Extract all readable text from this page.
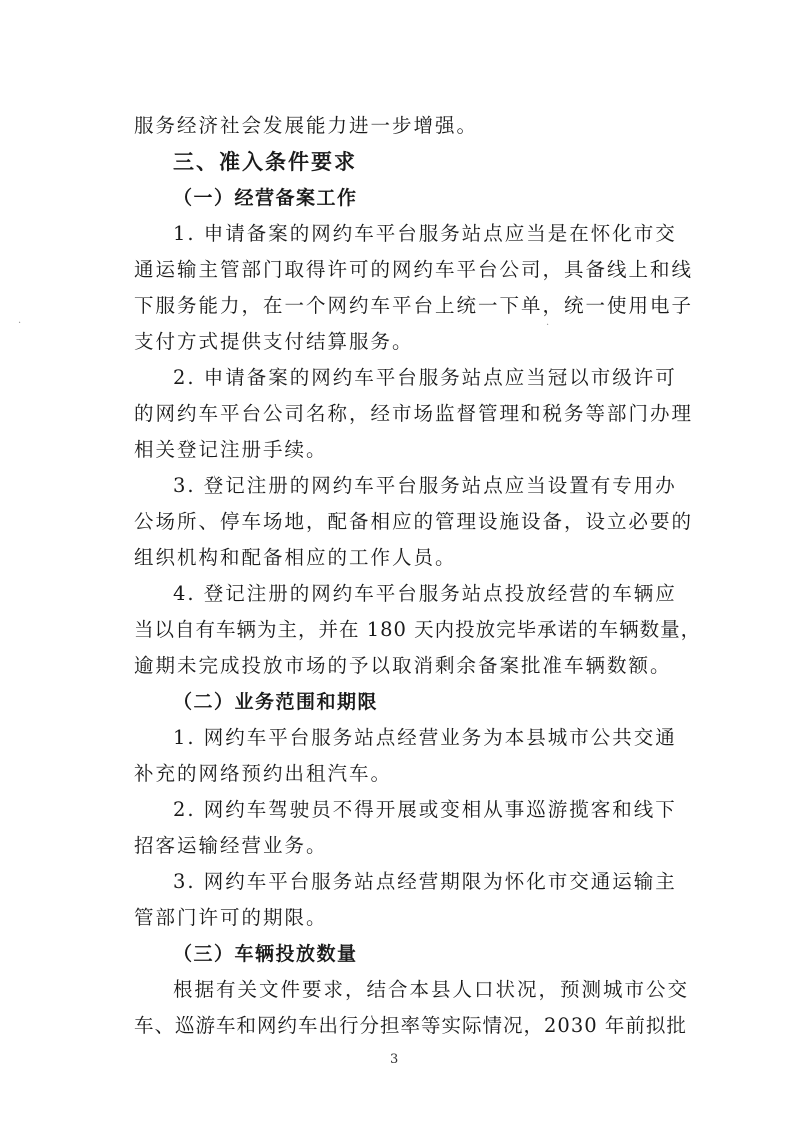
服务经济社会发展能力进一步增强。
三、准入条件要求
（一）经营备案工作
1. 申请备案的网约车平台服务站点应当是在怀化市交
通运输主管部门取得许可的网约车平台公司，具备线上和线
下服务能力，在一个网约车平台上统一下单，统一使用电子
支付方式提供支付结算服务。
2. 申请备案的网约车平台服务站点应当冠以市级许可
的网约车平台公司名称，经市场监督管理和税务等部门办理
相关登记注册手续。
3. 登记注册的网约车平台服务站点应当设置有专用办
公场所、停车场地，配备相应的管理设施设备，设立必要的
组织机构和配备相应的工作人员。
4. 登记注册的网约车平台服务站点投放经营的车辆应
当以自有车辆为主，并在 180 天内投放完毕承诺的车辆数量，
逾期未完成投放市场的予以取消剩余备案批准车辆数额。
（二）业务范围和期限
1. 网约车平台服务站点经营业务为本县城市公共交通
补充的网络预约出租汽车。
2. 网约车驾驶员不得开展或变相从事巡游揽客和线下
招客运输经营业务。
3. 网约车平台服务站点经营期限为怀化市交通运输主
管部门许可的期限。
（三）车辆投放数量
根据有关文件要求，结合本县人口状况，预测城市公交
车、巡游车和网约车出行分担率等实际情况，2030 年前拟批
3
·	·
